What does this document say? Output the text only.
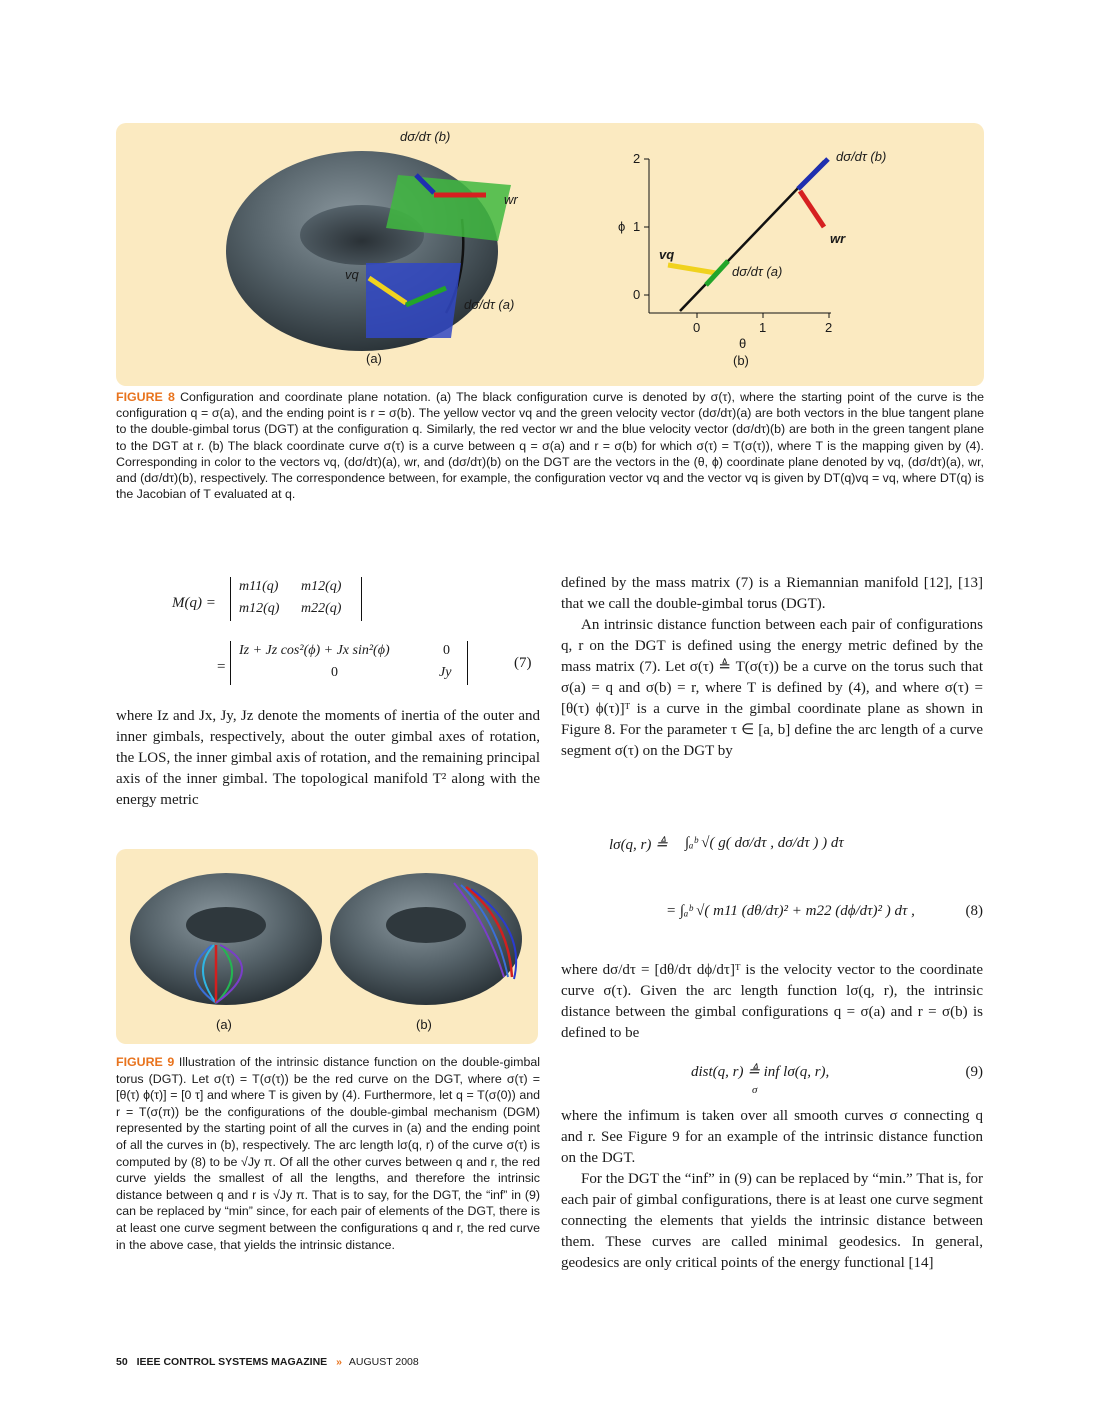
dσ/dτ (b)
wr
vq
dσ/dτ (a)
(a)
2
1
0
ϕ
0	1	2
θ
dσ/dτ (b)
wr
vq
dσ/dτ (a)
(b)
FIGURE 8 Configuration and coordinate plane notation. (a) The black configuration curve is denoted by σ(τ), where the starting point of the curve is the configuration q = σ(a), and the ending point is r = σ(b). The yellow vector vq and the green velocity vector (dσ/dτ)(a) are both vectors in the blue tangent plane to the double-gimbal torus (DGT) at the configuration q. Similarly, the red vector wr and the blue velocity vector (dσ/dτ)(b) are both in the green tangent plane to the DGT at r. (b) The black coordinate curve σ(τ) is a curve between q = σ(a) and r = σ(b) for which σ(τ) = T(σ(τ)), where T is the mapping given by (4). Corresponding in color to the vectors vq, (dσ/dτ)(a), wr, and (dσ/dτ)(b) on the DGT are the vectors in the (θ, ϕ) coordinate plane denoted by vq, (dσ/dτ)(a), wr, and (dσ/dτ)(b), respectively. The correspondence between, for example, the configuration vector vq and the vector vq is given by DT(q)vq = vq, where DT(q) is the Jacobian of T evaluated at q.
M(q) =
m11(q) m12(q)
m12(q) m22(q)
=
Iz + Jz cos²(ϕ) + Jx sin²(ϕ)	0
0	Jy
(7)

where Iz and Jx, Jy, Jz denote the moments of inertia of the outer and inner gimbals, respectively, about the outer gimbal axes of rotation, the LOS, the inner gimbal axis of rotation, and the remaining principal axis of the inner gimbal. The topological manifold T² along with the energy metric

defined by the mass matrix (7) is a Riemannian manifold [12], [13] that we call the double-gimbal torus (DGT).

An intrinsic distance function between each pair of configurations q, r on the DGT is defined using the energy metric defined by the mass matrix (7). Let σ(τ) ≜ T(σ(τ)) be a curve on the torus such that σ(a) = q and σ(b) = r, where T is defined by (4), and where σ(τ) = [θ(τ) ϕ(τ)]ᵀ is a curve in the gimbal coordinate plane as shown in Figure 8. For the parameter τ ∈ [a, b] define the arc length of a curve segment σ(τ) on the DGT by

lσ(q, r) ≜ ∫ₐᵇ √( g( dσ/dτ , dσ/dτ ) ) dτ
= ∫ₐᵇ √( m11 (dθ/dτ)² + m22 (dϕ/dτ)² ) dτ ,	(8)

where dσ/dτ = [dθ/dτ dϕ/dτ]ᵀ is the velocity vector to the coordinate curve σ(τ). Given the arc length function lσ(q, r), the intrinsic distance between the gimbal configurations q = σ(a) and r = σ(b) is defined to be

dist(q, r) ≜ inf lσ(q, r),
σ
(9)

where the infimum is taken over all smooth curves σ connecting q and r. See Figure 9 for an example of the intrinsic distance function on the DGT.

For the DGT the “inf” in (9) can be replaced by “min.” That is, for each pair of gimbal configurations, there is at least one curve segment connecting the elements that yields the intrinsic distance between them. These curves are called minimal geodesics. In general, geodesics are only critical points of the energy functional [14]

(a)	(b)
FIGURE 9 Illustration of the intrinsic distance function on the double-gimbal torus (DGT). Let σ(τ) = T(σ(τ)) be the red curve on the DGT, where σ(τ) = [θ(τ) ϕ(τ)] = [0 τ] and where T is given by (4). Furthermore, let q = T(σ(0)) and r = T(σ(π)) be the configurations of the double-gimbal mechanism (DGM) represented by the starting point of all the curves in (a) and the ending point of all the curves in (b), respectively. The arc length lσ(q, r) of the curve σ(τ) is computed by (8) to be √Jy π. Of all the other curves between q and r, the red curve yields the smallest of all the lengths, and therefore the intrinsic distance between q and r is √Jy π. That is to say, for the DGT, the “inf” in (9) can be replaced by “min” since, for each pair of elements of the DGT, there is at least one curve segment between the configurations q and r, the red curve in the above case, that yields the intrinsic distance.
50 IEEE CONTROL SYSTEMS MAGAZINE » AUGUST 2008
